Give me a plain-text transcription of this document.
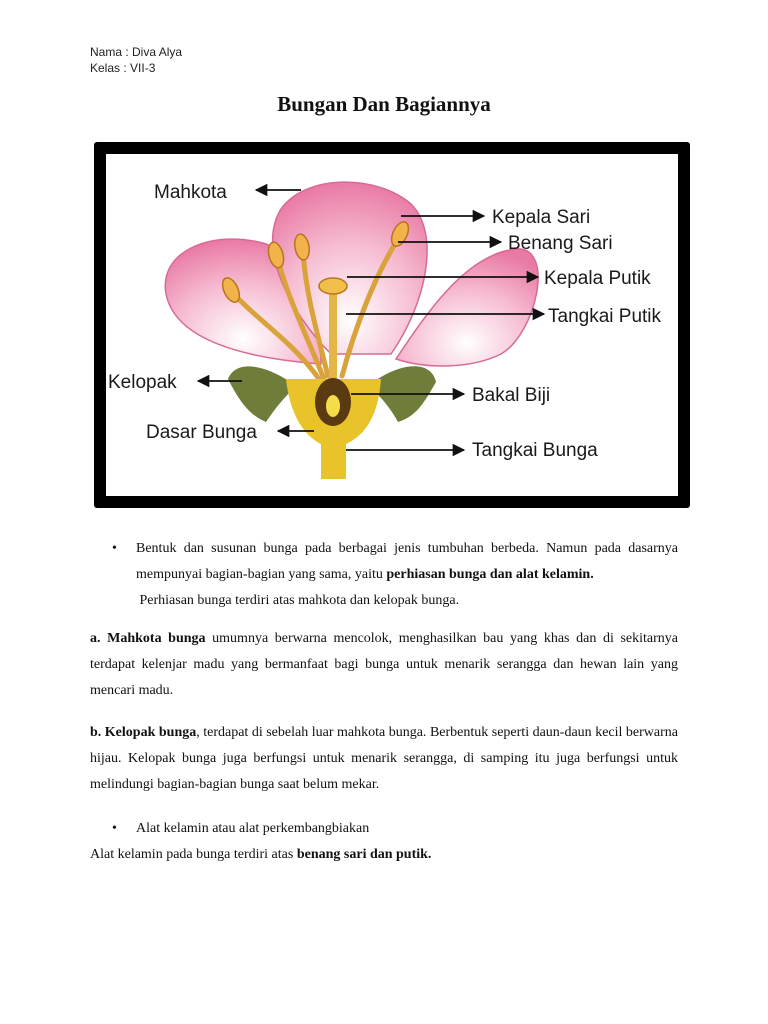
Nama : Diva Alya
Kelas : VII-3
Bungan Dan Bagiannya
Mahkota
Kepala Sari
Benang Sari
Kepala Putik
Tangkai Putik
Kelopak
Bakal Biji
Dasar Bunga
Tangkai Bunga
• Bentuk dan susunan bunga pada berbagai jenis tumbuhan berbeda. Namun pada dasarnya mempunyai bagian-bagian yang sama, yaitu perhiasan bunga dan alat kelamin.
Perhiasan bunga terdiri atas mahkota dan kelopak bunga.
a. Mahkota bunga umumnya berwarna mencolok, menghasilkan bau yang khas dan di sekitarnya terdapat kelenjar madu yang bermanfaat bagi bunga untuk menarik serangga dan hewan lain yang mencari madu.
b. Kelopak bunga, terdapat di sebelah luar mahkota bunga. Berbentuk seperti daun-daun kecil berwarna hijau. Kelopak bunga juga berfungsi untuk menarik serangga, di samping itu juga berfungsi untuk melindungi bagian-bagian bunga saat belum mekar.
• Alat kelamin atau alat perkembangbiakan
Alat kelamin pada bunga terdiri atas benang sari dan putik.
